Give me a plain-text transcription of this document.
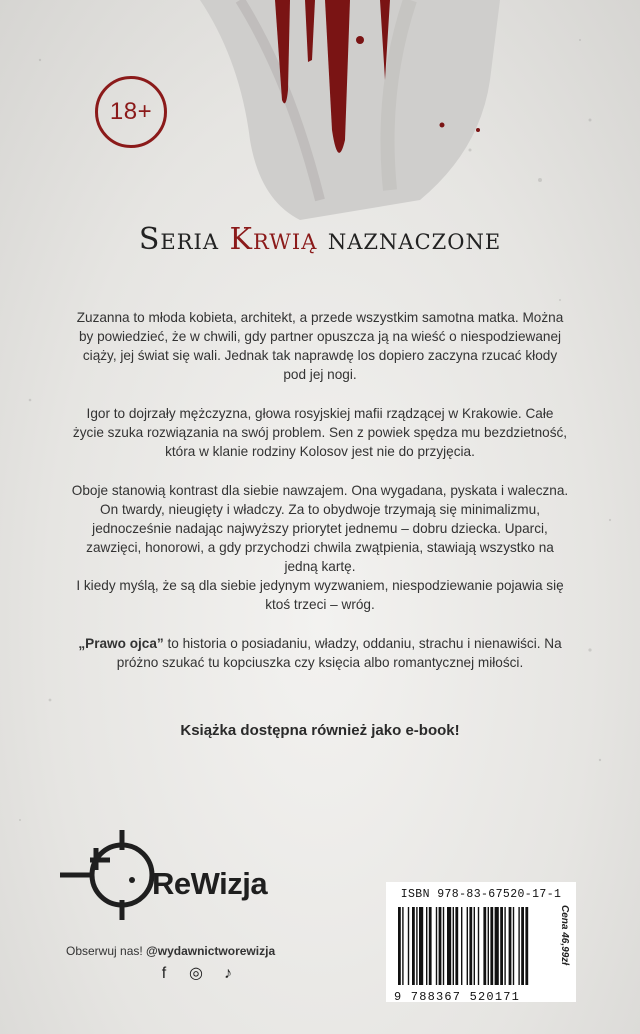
18+
Seria Krwią naznaczone

Zuzanna to młoda kobieta, architekt, a przede wszystkim samotna matka. Można by powiedzieć, że w chwili, gdy partner opuszcza ją na wieść o niespodziewanej ciąży, jej świat się wali. Jednak tak naprawdę los dopiero zaczyna rzucać kłody pod jej nogi.

Igor to dojrzały mężczyzna, głowa rosyjskiej mafii rządzącej w Krakowie. Całe życie szuka rozwiązania na swój problem. Sen z powiek spędza mu bezdzietność, która w klanie rodziny Kolosov jest nie do przyjęcia.

Oboje stanowią kontrast dla siebie nawzajem. Ona wygadana, pyskata i waleczna. On twardy, nieugięty i władczy. Za to obydwoje trzymają się minimalizmu, jednocześnie nadając najwyższy priorytet jednemu – dobru dziecka. Uparci, zawzięci, honorowi, a gdy przychodzi chwila zwątpienia, stawiają wszystko na jedną kartę.

I kiedy myślą, że są dla siebie jedynym wyzwaniem, niespodziewanie pojawia się ktoś trzeci – wróg.

„Prawo ojca” to historia o posiadaniu, władzy, oddaniu, strachu i nienawiści. Na próżno szukać tu kopciuszka czy księcia albo romantycznej miłości.

Książka dostępna również jako e-book!
ReWizja
Obserwuj nas! @wydawnictworewizja
f	◎	♪
ISBN 978-83-67520-17-1
9 788367 520171
Cena 46,99zł
